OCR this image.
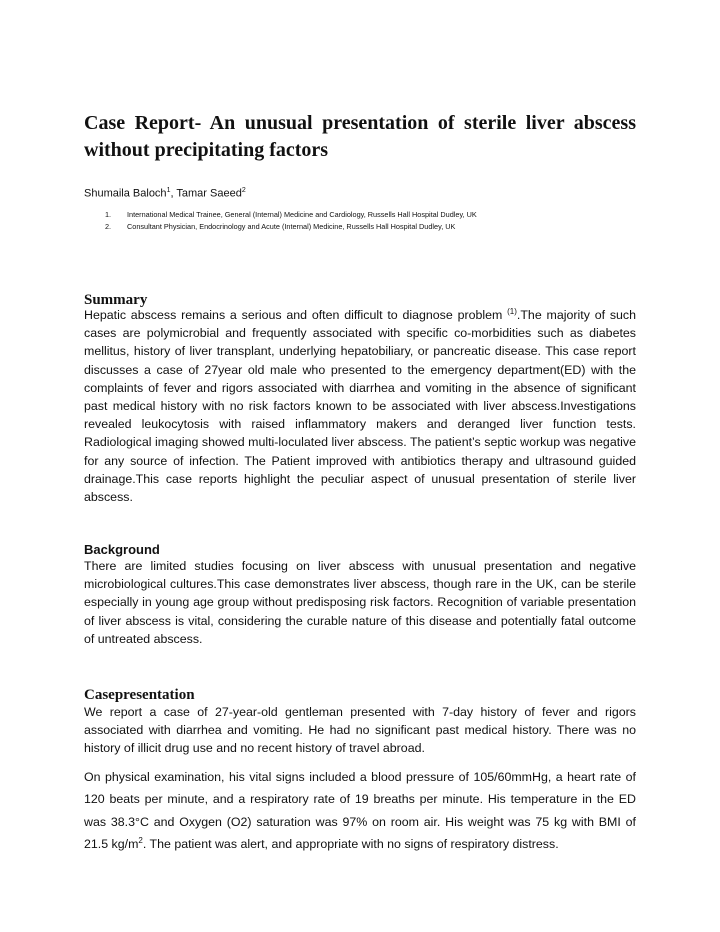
Case Report- An unusual presentation of sterile liver abscess without precipitating factors

Shumaila Baloch$^1$, Tamar Saeed$^2$

1.	International Medical Trainee, General (Internal) Medicine and Cardiology, Russells Hall Hospital Dudley, UK
2.	Consultant Physician, Endocrinology and Acute (Internal) Medicine, Russells Hall Hospital Dudley, UK
Summary

Hepatic abscess remains a serious and often difficult to diagnose problem $^{(1)}$.The majority of such cases are polymicrobial and frequently associated with specific co-morbidities such as diabetes mellitus, history of liver transplant, underlying hepatobiliary, or pancreatic disease. This case report discusses a case of 27year old male who presented to the emergency department(ED) with the complaints of fever and rigors associated with diarrhea and vomiting in the absence of significant past medical history with no risk factors known to be associated with liver abscess.Investigations revealed leukocytosis with raised inflammatory makers and deranged liver function tests. Radiological imaging showed multi-loculated liver abscess. The patient’s septic workup was negative for any source of infection. The Patient improved with antibiotics therapy and ultrasound guided drainage.This case reports highlight the peculiar aspect of unusual presentation of sterile liver abscess.

Background

There are limited studies focusing on liver abscess with unusual presentation and negative microbiological cultures.This case demonstrates liver abscess, though rare in the UK, can be sterile especially in young age group without predisposing risk factors. Recognition of variable presentation of liver abscess is vital, considering the curable nature of this disease and potentially fatal outcome of untreated abscess.

Casepresentation

We report a case of 27-year-old gentleman presented with 7-day history of fever and rigors associated with diarrhea and vomiting. He had no significant past medical history. There was no history of illicit drug use and no recent history of travel abroad.

On physical examination, his vital signs included a blood pressure of 105/60mmHg, a heart rate of 120 beats per minute, and a respiratory rate of 19 breaths per minute. His temperature in the ED was 38.3°C and Oxygen (O2) saturation was 97% on room air. His weight was 75 kg with BMI of 21.5 $kg/m^2$. The patient was alert, and appropriate with no signs of respiratory distress.
